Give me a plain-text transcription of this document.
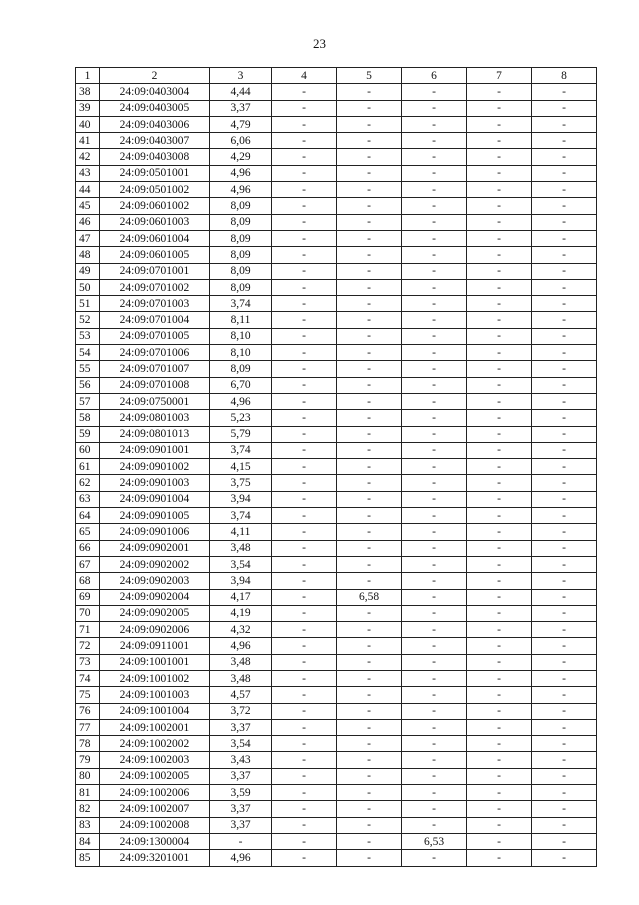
23
1	2	3	4	5	6	7	8
38	24:09:0403004	4,44	-	-	-	-	-
39	24:09:0403005	3,37	-	-	-	-	-
40	24:09:0403006	4,79	-	-	-	-	-
41	24:09:0403007	6,06	-	-	-	-	-
42	24:09:0403008	4,29	-	-	-	-	-
43	24:09:0501001	4,96	-	-	-	-	-
44	24:09:0501002	4,96	-	-	-	-	-
45	24:09:0601002	8,09	-	-	-	-	-
46	24:09:0601003	8,09	-	-	-	-	-
47	24:09:0601004	8,09	-	-	-	-	-
48	24:09:0601005	8,09	-	-	-	-	-
49	24:09:0701001	8,09	-	-	-	-	-
50	24:09:0701002	8,09	-	-	-	-	-
51	24:09:0701003	3,74	-	-	-	-	-
52	24:09:0701004	8,11	-	-	-	-	-
53	24:09:0701005	8,10	-	-	-	-	-
54	24:09:0701006	8,10	-	-	-	-	-
55	24:09:0701007	8,09	-	-	-	-	-
56	24:09:0701008	6,70	-	-	-	-	-
57	24:09:0750001	4,96	-	-	-	-	-
58	24:09:0801003	5,23	-	-	-	-	-
59	24:09:0801013	5,79	-	-	-	-	-
60	24:09:0901001	3,74	-	-	-	-	-
61	24:09:0901002	4,15	-	-	-	-	-
62	24:09:0901003	3,75	-	-	-	-	-
63	24:09:0901004	3,94	-	-	-	-	-
64	24:09:0901005	3,74	-	-	-	-	-
65	24:09:0901006	4,11	-	-	-	-	-
66	24:09:0902001	3,48	-	-	-	-	-
67	24:09:0902002	3,54	-	-	-	-	-
68	24:09:0902003	3,94	-	-	-	-	-
69	24:09:0902004	4,17	-	6,58	-	-	-
70	24:09:0902005	4,19	-	-	-	-	-
71	24:09:0902006	4,32	-	-	-	-	-
72	24:09:0911001	4,96	-	-	-	-	-
73	24:09:1001001	3,48	-	-	-	-	-
74	24:09:1001002	3,48	-	-	-	-	-
75	24:09:1001003	4,57	-	-	-	-	-
76	24:09:1001004	3,72	-	-	-	-	-
77	24:09:1002001	3,37	-	-	-	-	-
78	24:09:1002002	3,54	-	-	-	-	-
79	24:09:1002003	3,43	-	-	-	-	-
80	24:09:1002005	3,37	-	-	-	-	-
81	24:09:1002006	3,59	-	-	-	-	-
82	24:09:1002007	3,37	-	-	-	-	-
83	24:09:1002008	3,37	-	-	-	-	-
84	24:09:1300004	-	-	-	6,53	-	-
85	24:09:3201001	4,96	-	-	-	-	-
